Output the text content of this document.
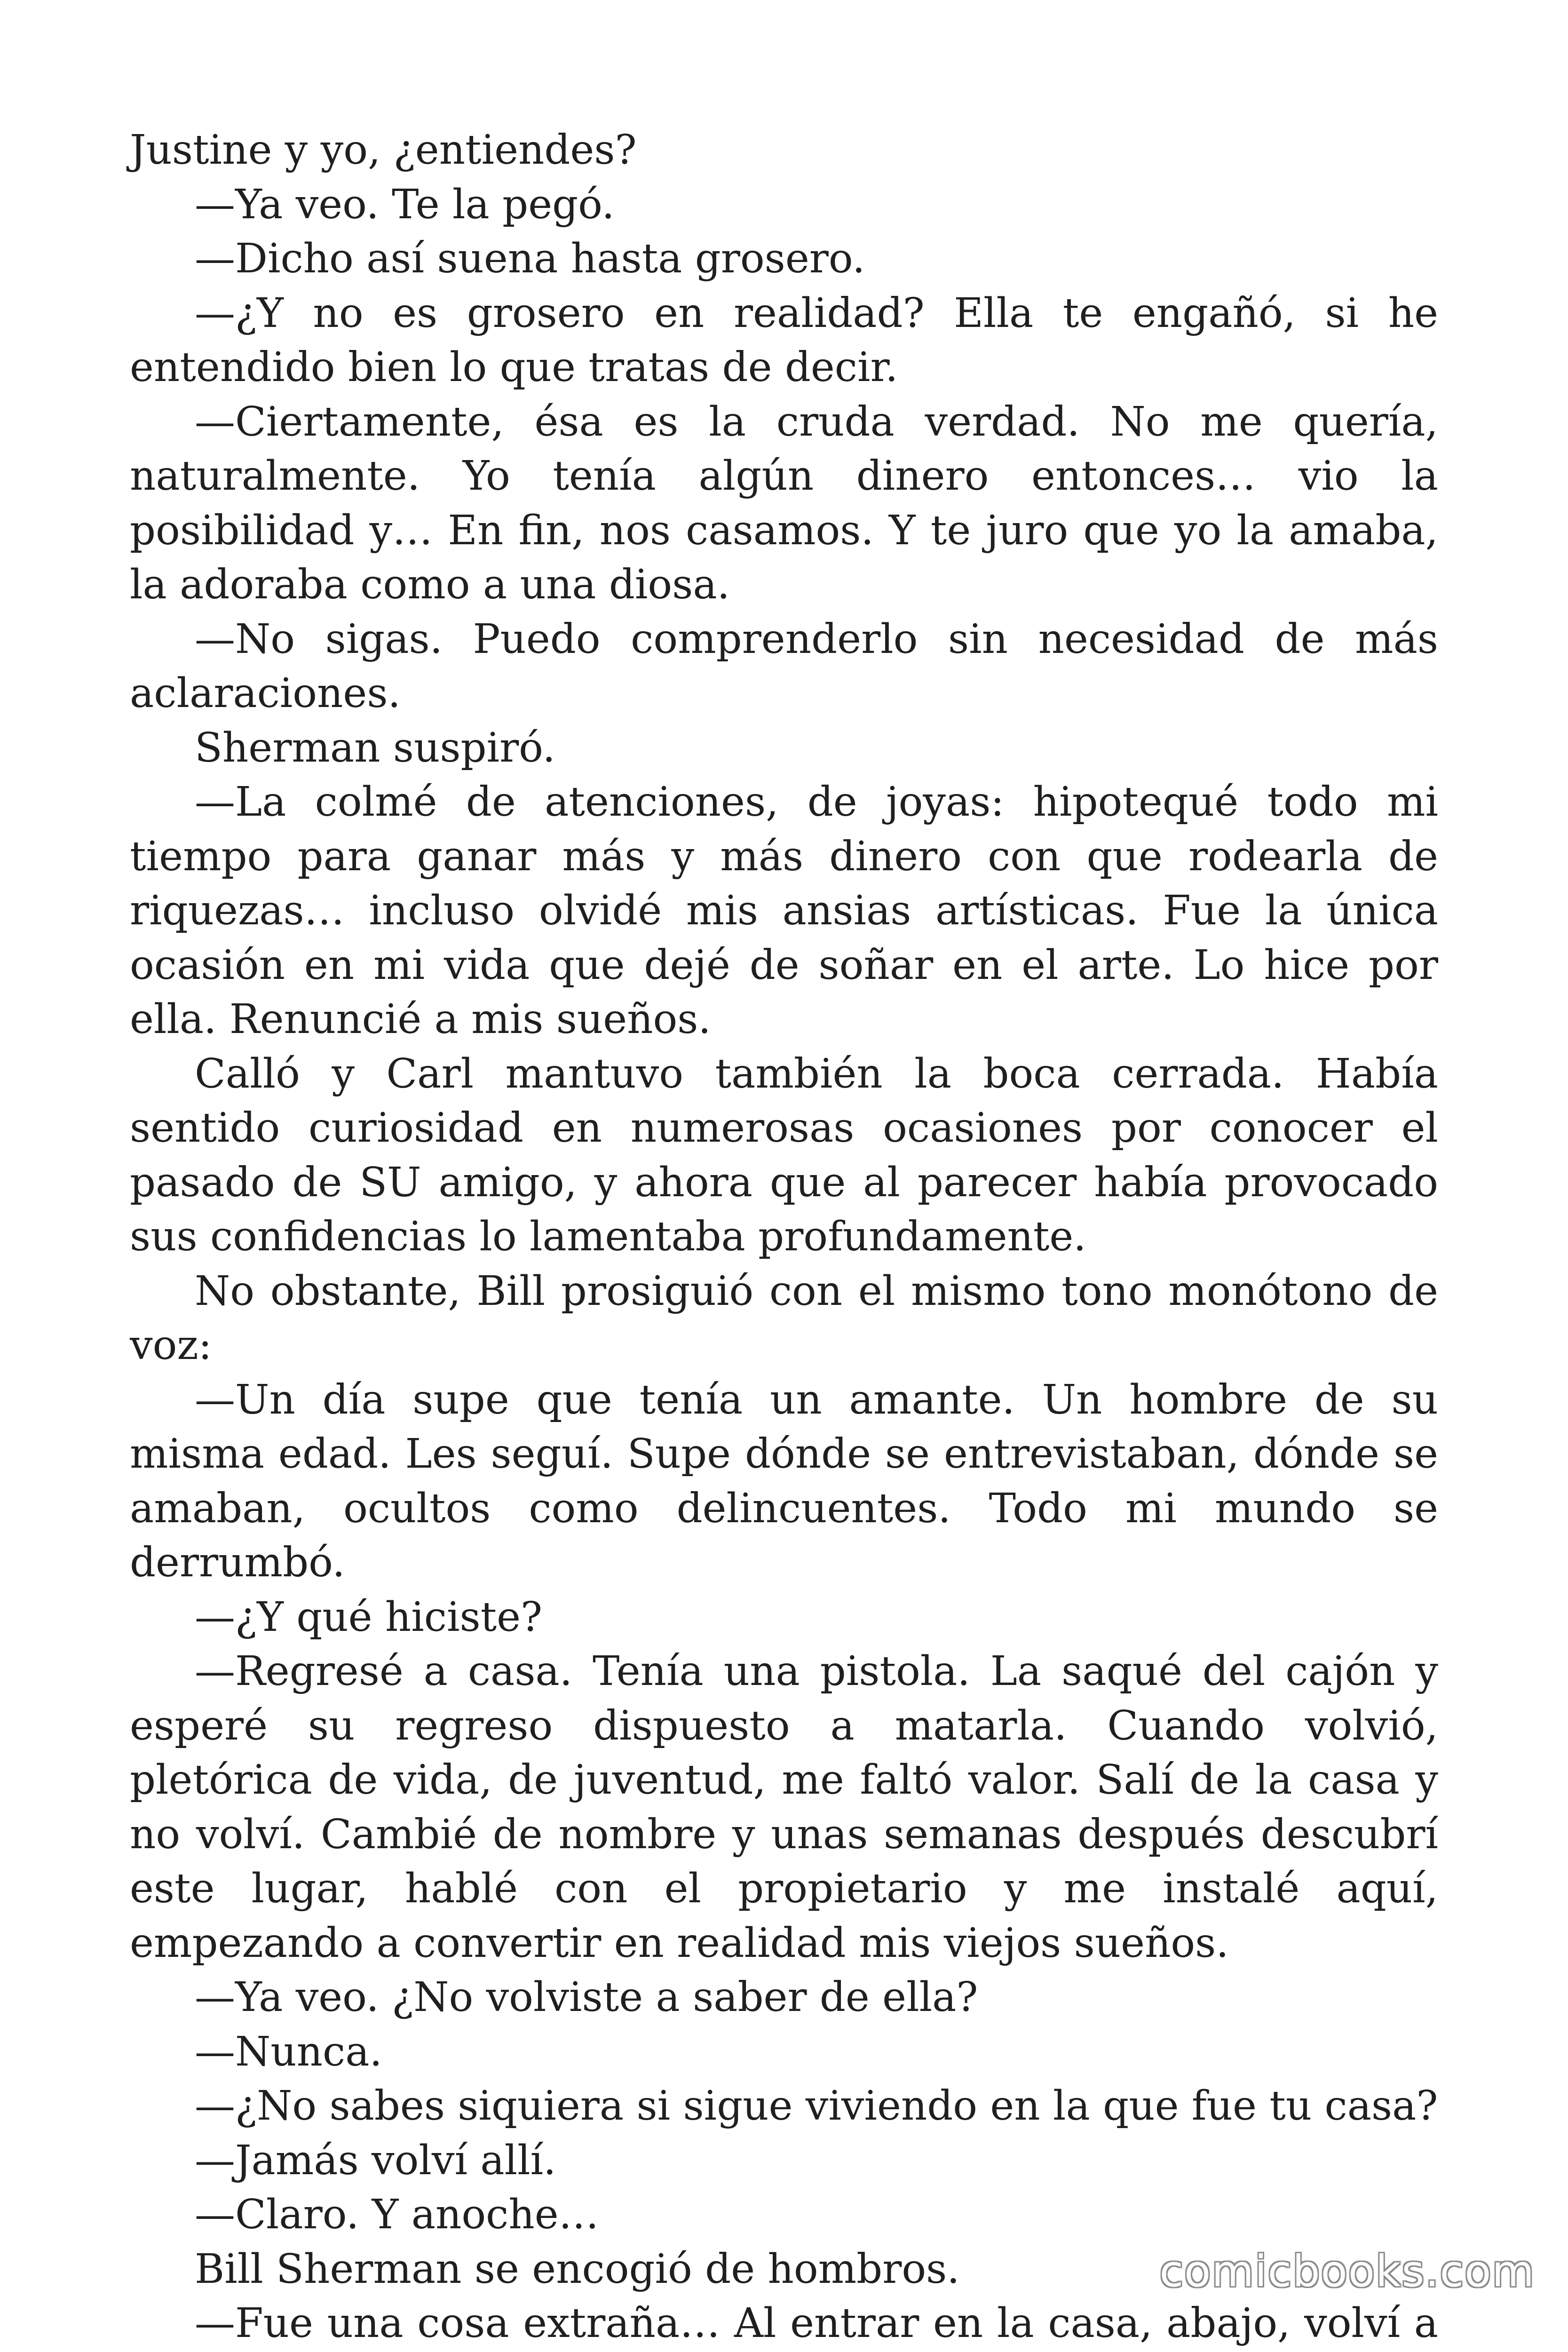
Justine y yo, ¿entiendes?

—Ya veo. Te la pegó.

—Dicho así suena hasta grosero.

—¿Y no es grosero en realidad? Ella te engañó, si he entendido bien lo que tratas de decir.

—Ciertamente, ésa es la cruda verdad. No me quería, naturalmente. Yo tenía algún dinero entonces… vio la posibilidad y… En fin, nos casamos. Y te juro que yo la amaba, la adoraba como a una diosa.

—No sigas. Puedo comprenderlo sin necesidad de más aclaraciones.

Sherman suspiró.

—La colmé de atenciones, de joyas: hipotequé todo mi tiempo para ganar más y más dinero con que rodearla de riquezas… incluso olvidé mis ansias artísticas. Fue la única ocasión en mi vida que dejé de soñar en el arte. Lo hice por ella. Renuncié a mis sueños.

Calló y Carl mantuvo también la boca cerrada. Había sentido curiosidad en numerosas ocasiones por conocer el pasado de SU amigo, y ahora que al parecer había provocado sus confidencias lo lamentaba profundamente.

No obstante, Bill prosiguió con el mismo tono monótono de voz:

—Un día supe que tenía un amante. Un hombre de su misma edad. Les seguí. Supe dónde se entrevistaban, dónde se amaban, ocultos como delincuentes. Todo mi mundo se derrumbó.

—¿Y qué hiciste?

—Regresé a casa. Tenía una pistola. La saqué del cajón y esperé su regreso dispuesto a matarla. Cuando volvió, pletórica de vida, de juventud, me faltó valor. Salí de la casa y no volví. Cambié de nombre y unas semanas después descubrí este lugar, hablé con el propietario y me instalé aquí, empezando a convertir en realidad mis viejos sueños.

—Ya veo. ¿No volviste a saber de ella?

—Nunca.

—¿No sabes siquiera si sigue viviendo en la que fue tu casa?

—Jamás volví allí.

—Claro. Y anoche…

Bill Sherman se encogió de hombros.

—Fue una cosa extraña… Al entrar en la casa, abajo, volví a

comicbooks.com
